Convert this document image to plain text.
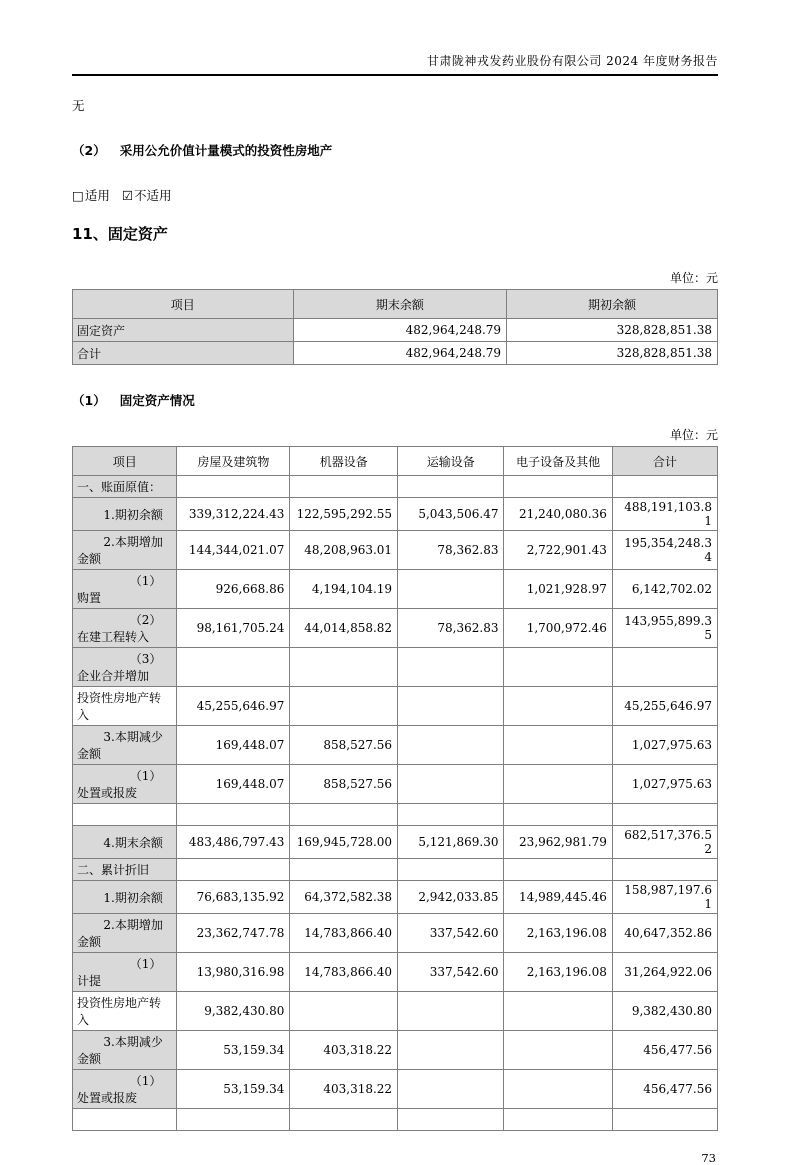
甘肃陇神戎发药业股份有限公司 2024 年度财务报告

无

（2） 采用公允价值计量模式的投资性房地产
□适用 ☑不适用
11、固定资产
单位：元
项目	期末余额	期初余额
固定资产	482,964,248.79	328,828,851.38
合计	482,964,248.79	328,828,851.38
（1） 固定资产情况
单位：元
项目	房屋及建筑物	机器设备	运输设备	电子设备及其他	合计
一、账面原值：					
1.期初余额	339,312,224.43	122,595,292.55	5,043,506.47	21,240,080.36	488,191,103.81
2.本期增加金额	144,344,021.07	48,208,963.01	78,362.83	2,722,901.43	195,354,248.34
（1）购置	926,668.86	4,194,104.19		1,021,928.97	6,142,702.02
（2）在建工程转入	98,161,705.24	44,014,858.82	78,362.83	1,700,972.46	143,955,899.35
（3）企业合并增加					
投资性房地产转入	45,255,646.97				45,255,646.97
3.本期减少金额	169,448.07	858,527.56			1,027,975.63
（1）处置或报废	169,448.07	858,527.56			1,027,975.63

4.期末余额	483,486,797.43	169,945,728.00	5,121,869.30	23,962,981.79	682,517,376.52
二、累计折旧					
1.期初余额	76,683,135.92	64,372,582.38	2,942,033.85	14,989,445.46	158,987,197.61
2.本期增加金额	23,362,747.78	14,783,866.40	337,542.60	2,163,196.08	40,647,352.86
（1）计提	13,980,316.98	14,783,866.40	337,542.60	2,163,196.08	31,264,922.06
投资性房地产转入	9,382,430.80				9,382,430.80
3.本期减少金额	53,159.34	403,318.22			456,477.56
（1）处置或报废	53,159.34	403,318.22			456,477.56

73
